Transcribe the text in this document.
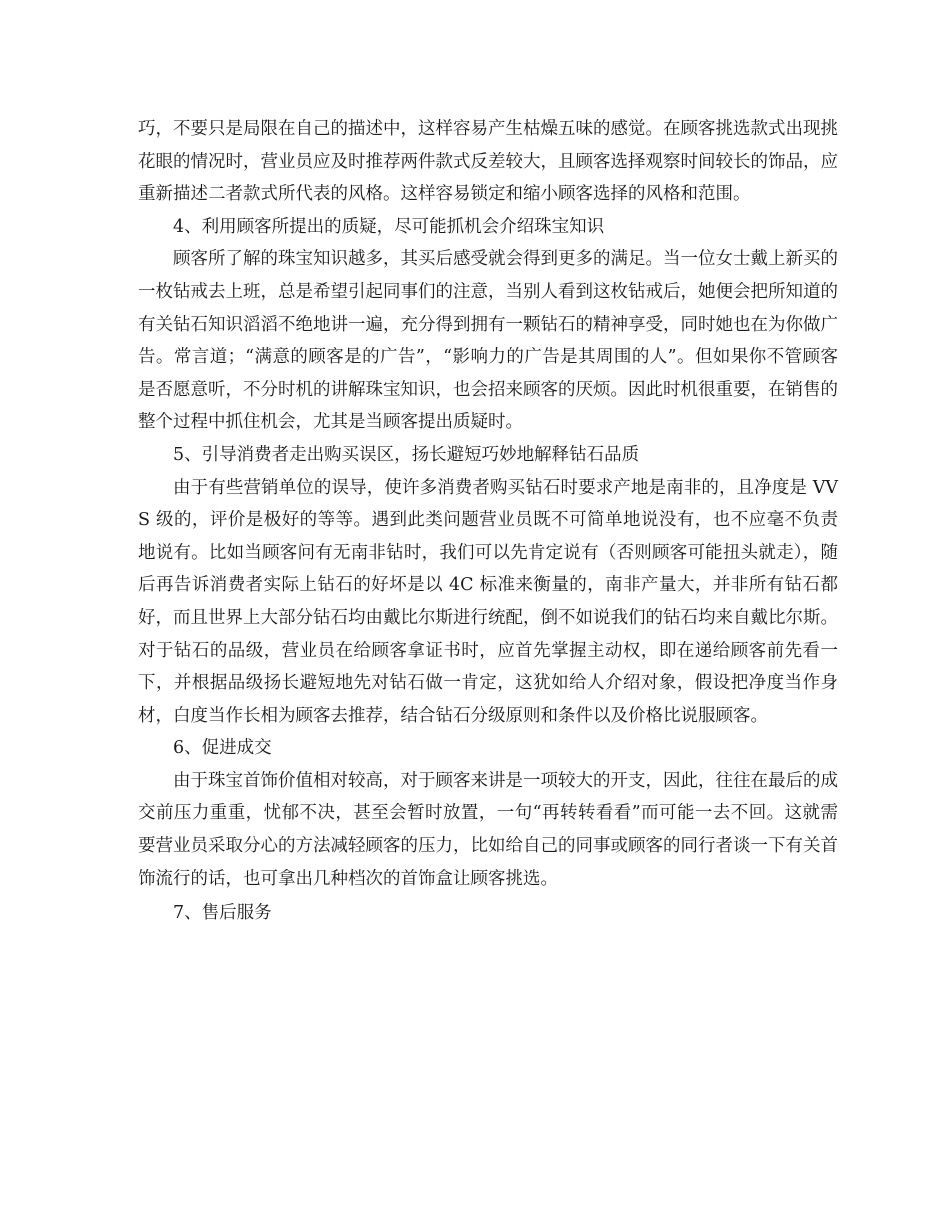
巧，不要只是局限在自己的描述中，这样容易产生枯燥五味的感觉。在顾客挑选款式出现挑花眼的情况时，营业员应及时推荐两件款式反差较大，且顾客选择观察时间较长的饰品，应重新描述二者款式所代表的风格。这样容易锁定和缩小顾客选择的风格和范围。

4、利用顾客所提出的质疑，尽可能抓机会介绍珠宝知识

顾客所了解的珠宝知识越多，其买后感受就会得到更多的满足。当一位女士戴上新买的一枚钻戒去上班，总是希望引起同事们的注意，当别人看到这枚钻戒后，她便会把所知道的有关钻石知识滔滔不绝地讲一遍，充分得到拥有一颗钻石的精神享受，同时她也在为你做广告。常言道；“满意的顾客是的广告”，“影响力的广告是其周围的人”。但如果你不管顾客是否愿意听，不分时机的讲解珠宝知识，也会招来顾客的厌烦。因此时机很重要，在销售的整个过程中抓住机会，尤其是当顾客提出质疑时。

5、引导消费者走出购买误区，扬长避短巧妙地解释钻石品质

由于有些营销单位的误导，使许多消费者购买钻石时要求产地是南非的，且净度是 VVS 级的，评价是极好的等等。遇到此类问题营业员既不可简单地说没有，也不应毫不负责地说有。比如当顾客问有无南非钻时，我们可以先肯定说有（否则顾客可能扭头就走），随后再告诉消费者实际上钻石的好坏是以 4C 标准来衡量的，南非产量大，并非所有钻石都好，而且世界上大部分钻石均由戴比尔斯进行统配，倒不如说我们的钻石均来自戴比尔斯。对于钻石的品级，营业员在给顾客拿证书时，应首先掌握主动权，即在递给顾客前先看一下，并根据品级扬长避短地先对钻石做一肯定，这犹如给人介绍对象，假设把净度当作身材，白度当作长相为顾客去推荐，结合钻石分级原则和条件以及价格比说服顾客。

6、促进成交

由于珠宝首饰价值相对较高，对于顾客来讲是一项较大的开支，因此，往往在最后的成交前压力重重，忧郁不决，甚至会暂时放置，一句“再转转看看”而可能一去不回。这就需要营业员采取分心的方法减轻顾客的压力，比如给自己的同事或顾客的同行者谈一下有关首饰流行的话，也可拿出几种档次的首饰盒让顾客挑选。

7、售后服务
